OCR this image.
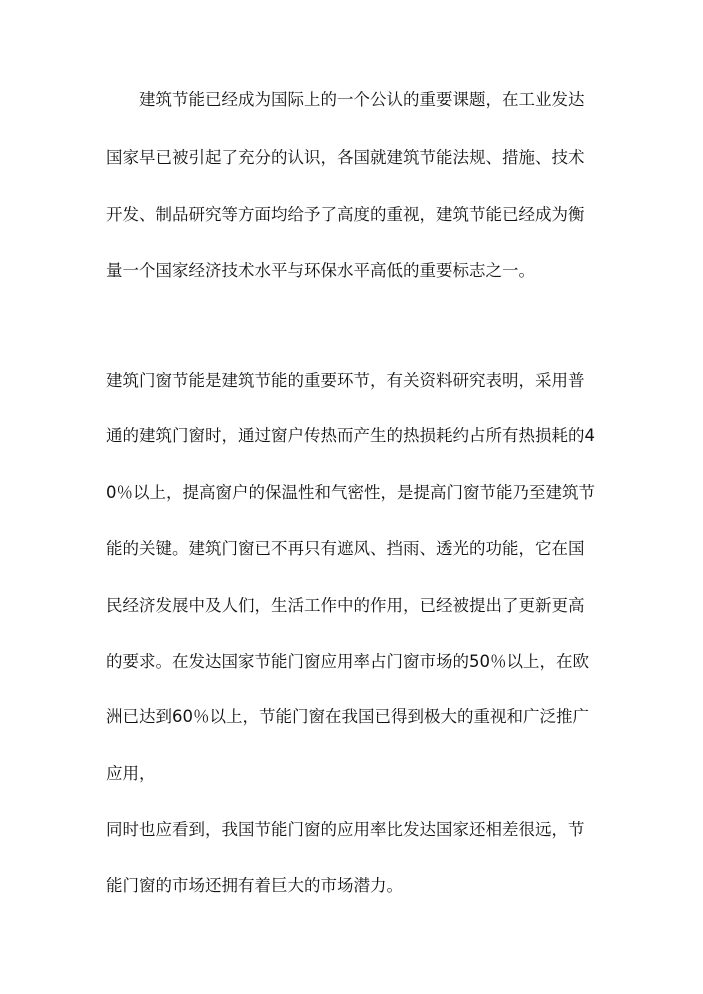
建筑节能已经成为国际上的一个公认的重要课题，在工业发达
国家早已被引起了充分的认识，各国就建筑节能法规、措施、技术
开发、制品研究等方面均给予了高度的重视，建筑节能已经成为衡
量一个国家经济技术水平与环保水平高低的重要标志之一。
建筑门窗节能是建筑节能的重要环节，有关资料研究表明，采用普
通的建筑门窗时，通过窗户传热而产生的热损耗约占所有热损耗的4
0％以上，提高窗户的保温性和气密性，是提高门窗节能乃至建筑节
能的关键。建筑门窗已不再只有遮风、挡雨、透光的功能，它在国
民经济发展中及人们，生活工作中的作用，已经被提出了更新更高
的要求。在发达国家节能门窗应用率占门窗市场的50％以上，在欧
洲已达到60％以上，节能门窗在我国已得到极大的重视和广泛推广
应用，
同时也应看到，我国节能门窗的应用率比发达国家还相差很远，节
能门窗的市场还拥有着巨大的市场潜力。
